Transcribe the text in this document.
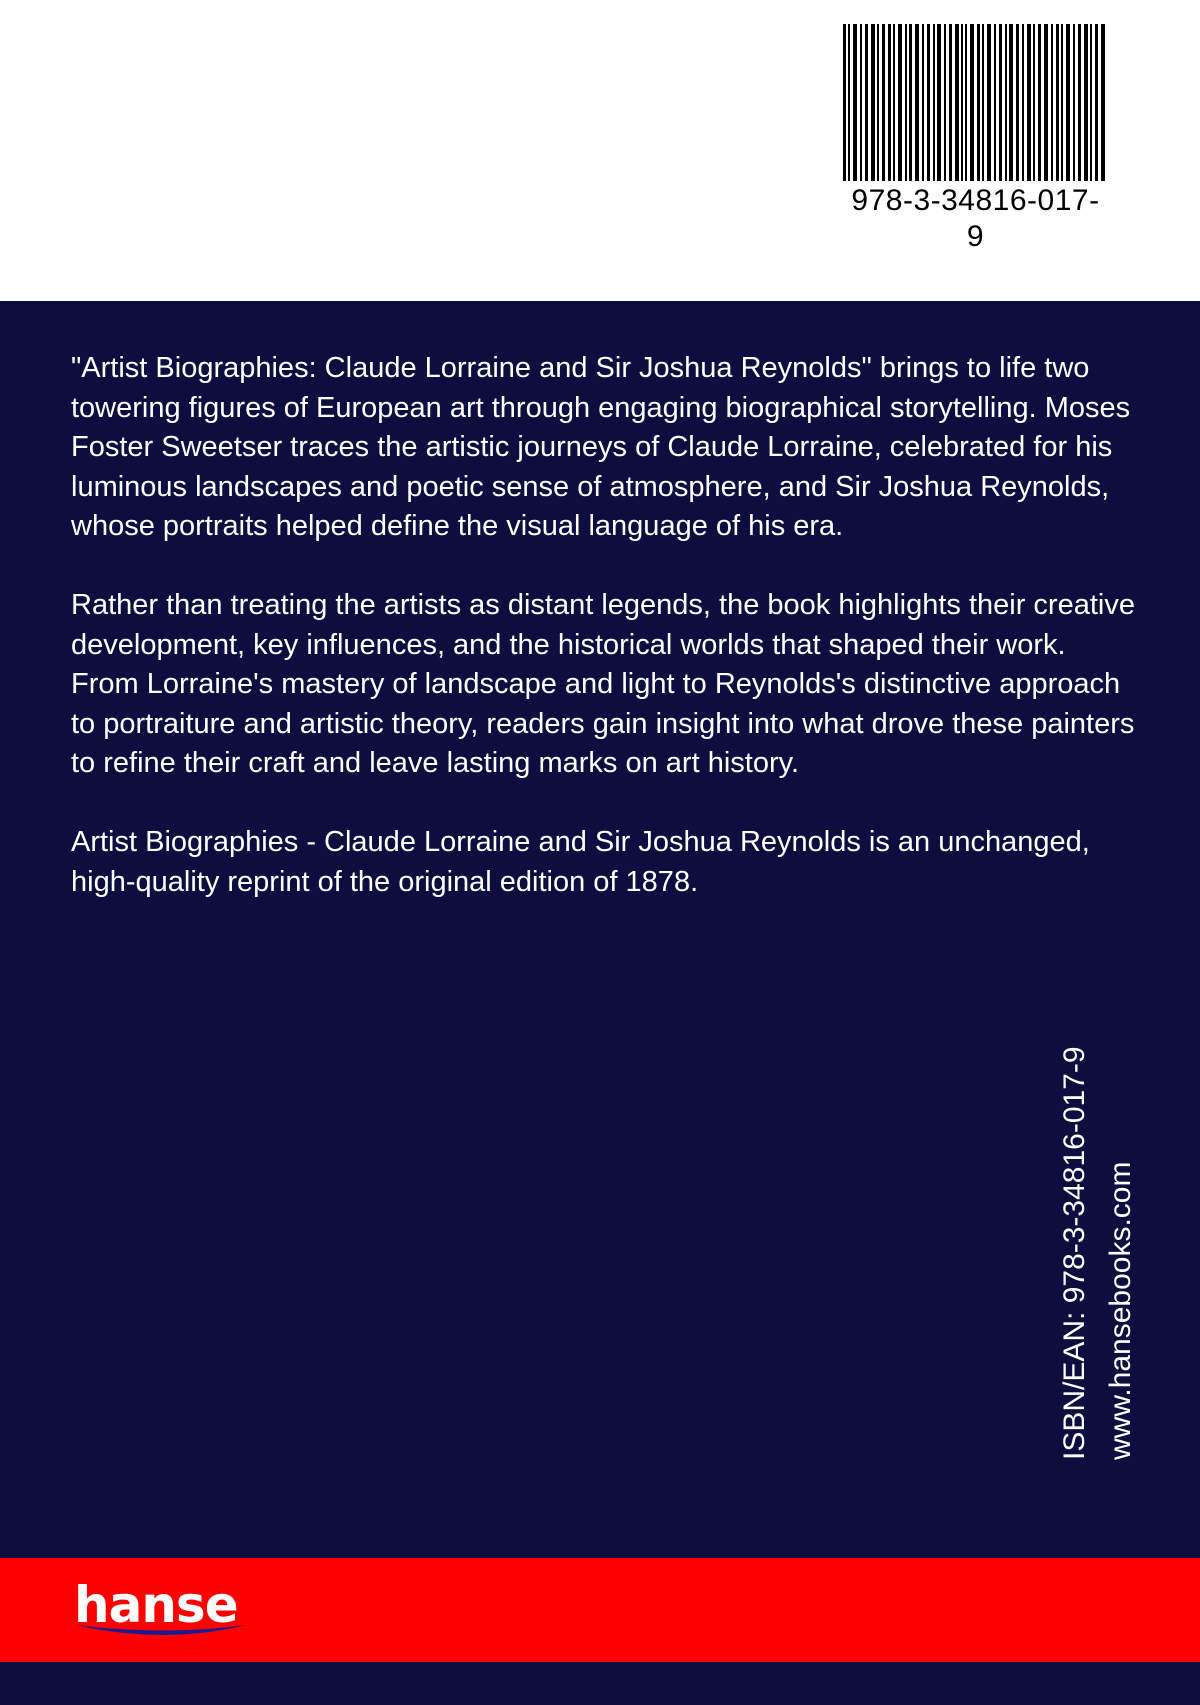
978-3-34816-017-9

"Artist Biographies: Claude Lorraine and Sir Joshua Reynolds" brings to life two towering figures of European art through engaging biographical storytelling. Moses Foster Sweetser traces the artistic journeys of Claude Lorraine, celebrated for his luminous landscapes and poetic sense of atmosphere, and Sir Joshua Reynolds, whose portraits helped define the visual language of his era.

Rather than treating the artists as distant legends, the book highlights their creative development, key influences, and the historical worlds that shaped their work. From Lorraine's mastery of landscape and light to Reynolds's distinctive approach to portraiture and artistic theory, readers gain insight into what drove these painters to refine their craft and leave lasting marks on art history.

Artist Biographies - Claude Lorraine and Sir Joshua Reynolds is an unchanged, high-quality reprint of the original edition of 1878.

ISBN/EAN: 978-3-34816-017-9 www.hansebooks.com
hanse
